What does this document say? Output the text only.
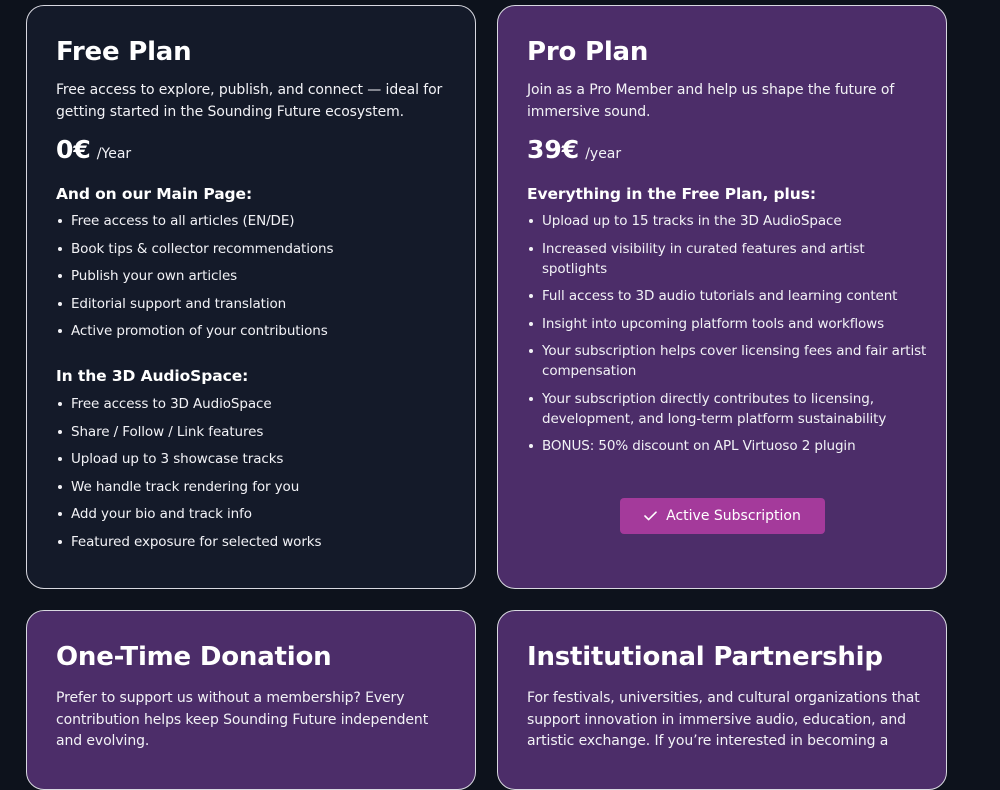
Free Plan

Free access to explore, publish, and connect — ideal for getting started in the Sounding Future ecosystem.

0€ /Year
And on our Main Page:
Free access to all articles (EN/DE)
Book tips & collector recommendations
Publish your own articles
Editorial support and translation
Active promotion of your contributions
In the 3D AudioSpace:
Free access to 3D AudioSpace
Share / Follow / Link features
Upload up to 3 showcase tracks
We handle track rendering for you
Add your bio and track info
Featured exposure for selected works
Pro Plan

Join as a Pro Member and help us shape the future of immersive sound.

39€ /year
Everything in the Free Plan, plus:
Upload up to 15 tracks in the 3D AudioSpace
Increased visibility in curated features and artist spotlights
Full access to 3D audio tutorials and learning content
Insight into upcoming platform tools and workflows
Your subscription helps cover licensing fees and fair artist compensation
Your subscription directly contributes to licensing, development, and long-term platform sustainability
BONUS: 50% discount on APL Virtuoso 2 plugin
Active Subscription
One-Time Donation

Prefer to support us without a membership? Every contribution helps keep Sounding Future independent and evolving.

Institutional Partnership

For festivals, universities, and cultural organizations that support innovation in immersive audio, education, and artistic exchange. If you’re interested in becoming a
